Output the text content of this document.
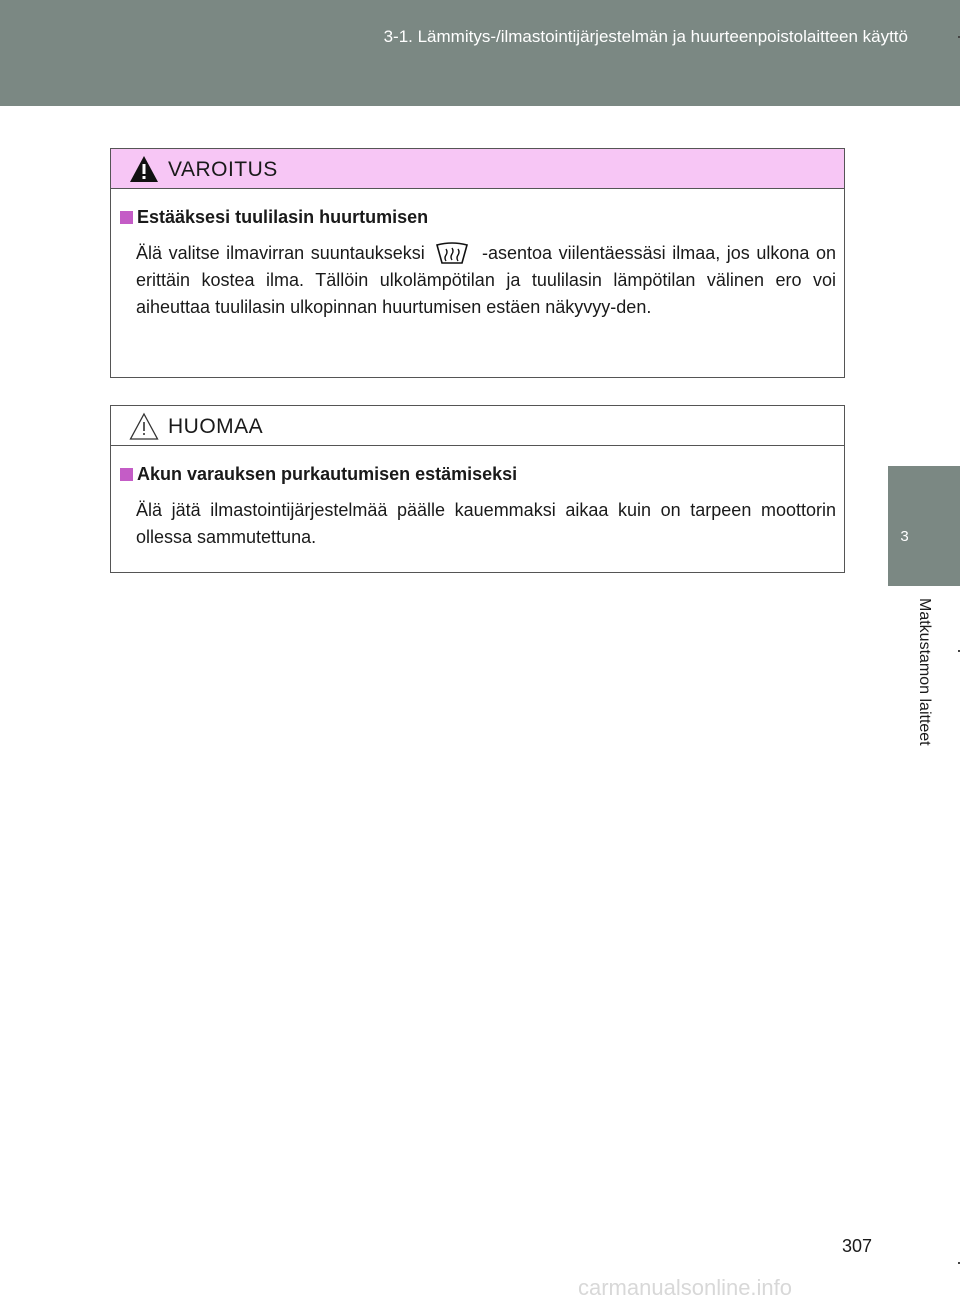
3-1. Lämmitys-/ilmastointijärjestelmän ja huurteenpoistolaitteen käyttö
3
Matkustamon laitteet
VAROITUS
Estääksesi tuulilasin huurtumisen
Älä valitse ilmavirran suuntaukseksi	-asentoa viilentäessäsi ilmaa, jos ulkona on erittäin kostea ilma. Tällöin ulkolämpötilan ja tuulilasin lämpötilan välinen ero voi aiheuttaa tuulilasin ulkopinnan huurtumisen estäen näkyvyy-den.
HUOMAA
Akun varauksen purkautumisen estämiseksi
Älä jätä ilmastointijärjestelmää päälle kauemmaksi aikaa kuin on tarpeen moottorin ollessa sammutettuna.
307
carmanualsonline.info
